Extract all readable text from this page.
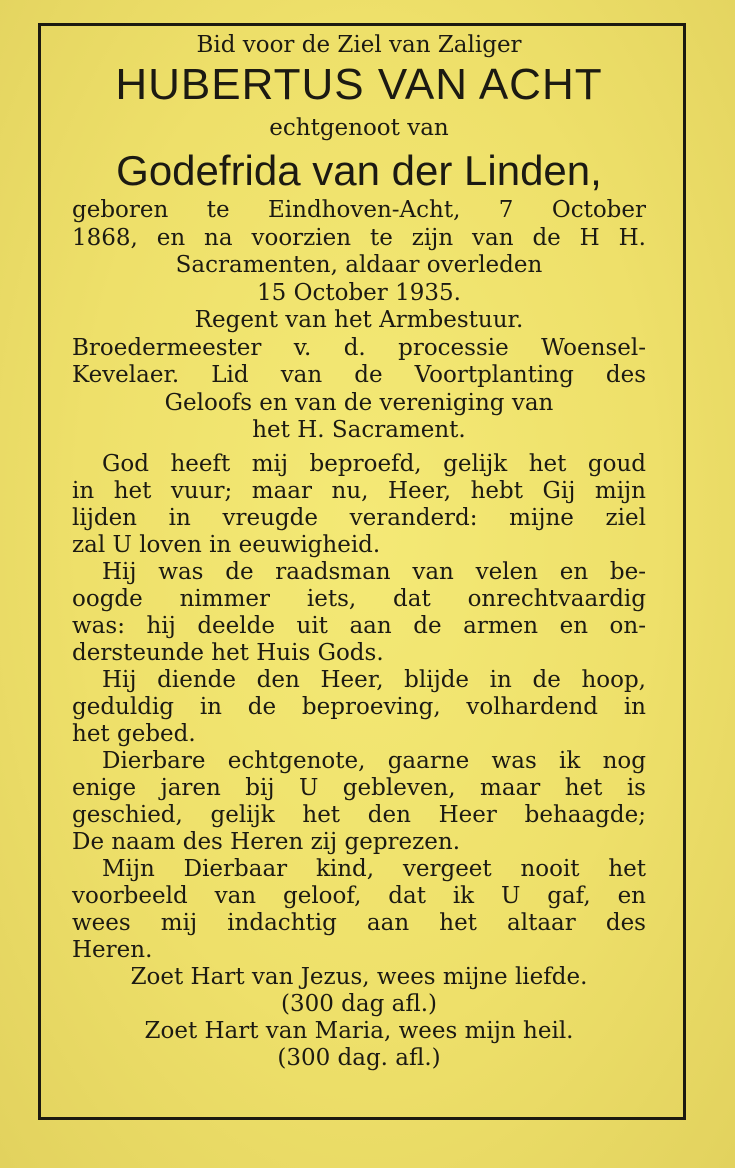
Bid voor de Ziel van Zaliger
HUBERTUS VAN ACHT
echtgenoot van
Godefrida van der Linden,
geboren te Eindhoven-Acht, 7 October
1868, en na voorzien te zijn van de H H.
Sacramenten, aldaar overleden
15 October 1935.
Regent van het Armbestuur.
Broedermeester v. d. processie Woensel-
Kevelaer. Lid van de Voortplanting des
Geloofs en van de vereniging van
het H. Sacrament.
God heeft mij beproefd, gelijk het goud
in het vuur; maar nu, Heer, hebt Gij mijn
lijden in vreugde veranderd: mijne ziel
zal U loven in eeuwigheid.
Hij was de raadsman van velen en be-
oogde nimmer iets, dat onrechtvaardig
was: hij deelde uit aan de armen en on-
dersteunde het Huis Gods.
Hij diende den Heer, blijde in de hoop,
geduldig in de beproeving, volhardend in
het gebed.
Dierbare echtgenote, gaarne was ik nog
enige jaren bij U gebleven, maar het is
geschied, gelijk het den Heer behaagde;
De naam des Heren zij geprezen.
Mijn Dierbaar kind, vergeet nooit het
voorbeeld van geloof, dat ik U gaf, en
wees mij indachtig aan het altaar des
Heren.
Zoet Hart van Jezus, wees mijne liefde.
(300 dag afl.)
Zoet Hart van Maria, wees mijn heil.
(300 dag. afl.)
